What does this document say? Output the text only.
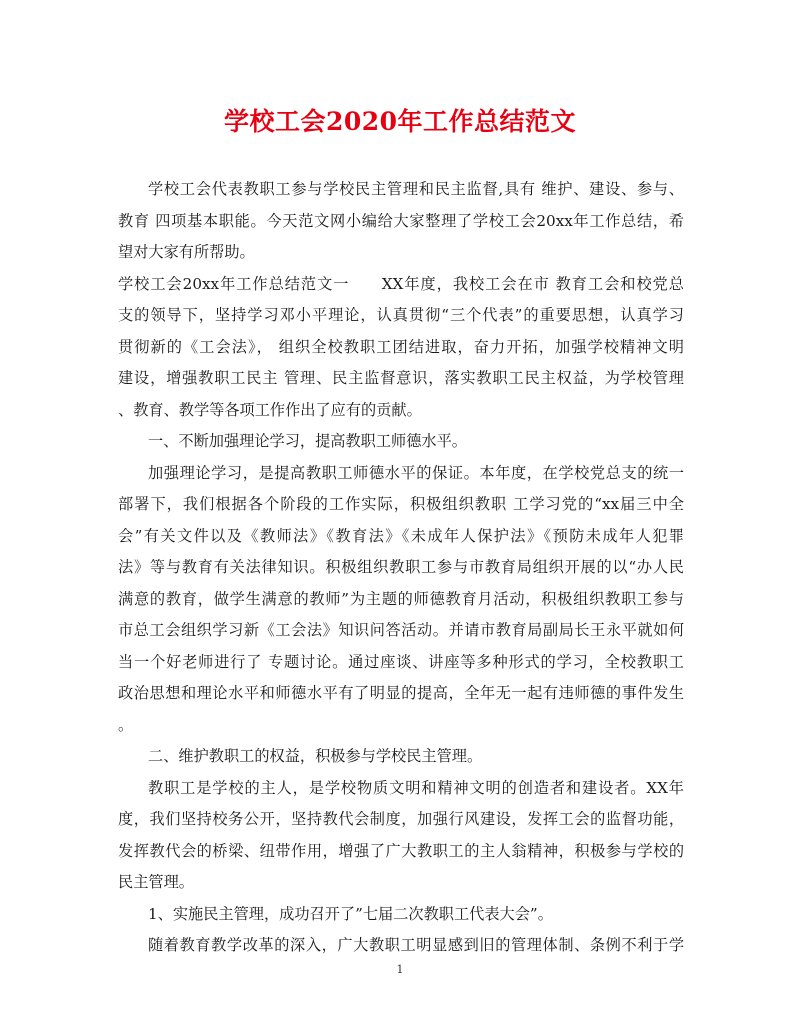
学校工会2020年工作总结范文
学校工会代表教职工参与学校民主管理和民主监督,具有 维护、建设、参与、
教育 四项基本职能。今天范文网小编给大家整理了学校工会20xx年工作总结，希
望对大家有所帮助。
学校工会20xx年工作总结范文一　　XX年度，我校工会在市 教育工会和校党总
支的领导下，坚持学习邓小平理论，认真贯彻“三个代表”的重要思想，认真学习
贯彻新的《工会法》， 组织全校教职工团结进取，奋力开拓，加强学校精神文明
建设，增强教职工民主 管理、民主监督意识，落实教职工民主权益，为学校管理
、教育、教学等各项工作作出了应有的贡献。
一、不断加强理论学习，提高教职工师德水平。
加强理论学习，是提高教职工师德水平的保证。本年度，在学校党总支的统一
部署下，我们根据各个阶段的工作实际，积极组织教职 工学习党的“xx届三中全
会”有关文件以及《教师法》《教育法》《未成年人保护法》《预防未成年人犯罪
法》等与教育有关法律知识。积极组织教职工参与市教育局组织开展的以“办人民
满意的教育，做学生满意的教师”为主题的师德教育月活动，积极组织教职工参与
市总工会组织学习新《工会法》知识问答活动。并请市教育局副局长王永平就如何
当一个好老师进行了 专题讨论。通过座谈、讲座等多种形式的学习，全校教职工
政治思想和理论水平和师德水平有了明显的提高，全年无一起有违师德的事件发生
。
二、维护教职工的权益，积极参与学校民主管理。
教职工是学校的主人，是学校物质文明和精神文明的创造者和建设者。XX年
度，我们坚持校务公开，坚持教代会制度，加强行风建设，发挥工会的监督功能，
发挥教代会的桥梁、纽带作用，增强了广大教职工的主人翁精神，积极参与学校的
民主管理。
1、实施民主管理，成功召开了”七届二次教职工代表大会”。
随着教育教学改革的深入，广大教职工明显感到旧的管理体制、条例不利于学
1
